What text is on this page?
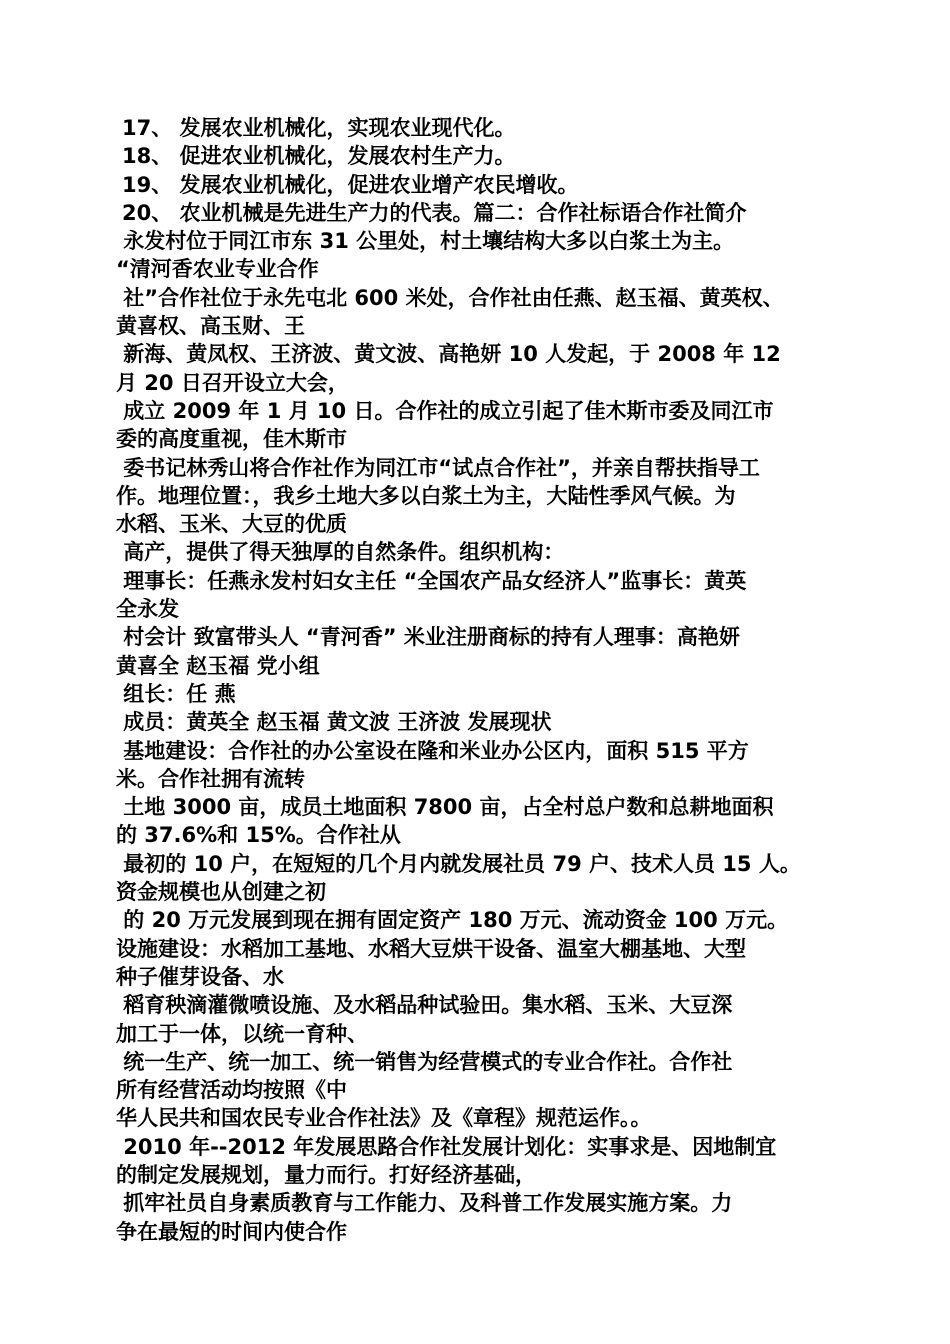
17、 发展农业机械化，实现农业现代化。
18、 促进农业机械化，发展农村生产力。
19、 发展农业机械化，促进农业增产农民增收。
20、 农业机械是先进生产力的代表。篇二：合作社标语合作社简介
永发村位于同江市东 31 公里处，村土壤结构大多以白浆土为主。
“清河香农业专业合作
社”合作社位于永先屯北 600 米处，合作社由任燕、赵玉福、黄英权、
黄喜权、高玉财、王
新海、黄凤权、王济波、黄文波、高艳妍 10 人发起，于 2008 年 12
月 20 日召开设立大会，
成立 2009 年 1 月 10 日。合作社的成立引起了佳木斯市委及同江市
委的高度重视，佳木斯市
委书记林秀山将合作社作为同江市“试点合作社”，并亲自帮扶指导工
作。地理位置：，我乡土地大多以白浆土为主，大陆性季风气候。为
水稻、玉米、大豆的优质
高产，提供了得天独厚的自然条件。组织机构：
理事长：任燕永发村妇女主任 “全国农产品女经济人”监事长：黄英
全永发
村会计 致富带头人 “青河香” 米业注册商标的持有人理事：高艳妍
黄喜全 赵玉福 党小组
组长：任 燕
成员：黄英全 赵玉福 黄文波 王济波 发展现状
基地建设：合作社的办公室设在隆和米业办公区内，面积 515 平方
米。合作社拥有流转
土地 3000 亩，成员土地面积 7800 亩，占全村总户数和总耕地面积
的 37.6%和 15%。合作社从
最初的 10 户，在短短的几个月内就发展社员 79 户、技术人员 15 人。
资金规模也从创建之初
的 20 万元发展到现在拥有固定资产 180 万元、流动资金 100 万元。
设施建设：水稻加工基地、水稻大豆烘干设备、温室大棚基地、大型
种子催芽设备、水
稻育秧滴灌微喷设施、及水稻品种试验田。集水稻、玉米、大豆深
加工于一体，以统一育种、
统一生产、统一加工、统一销售为经营模式的专业合作社。合作社
所有经营活动均按照《中
华人民共和国农民专业合作社法》及《章程》规范运作。。
2010 年--2012 年发展思路合作社发展计划化：实事求是、因地制宜
的制定发展规划，量力而行。打好经济基础，
抓牢社员自身素质教育与工作能力、及科普工作发展实施方案。力
争在最短的时间内使合作
